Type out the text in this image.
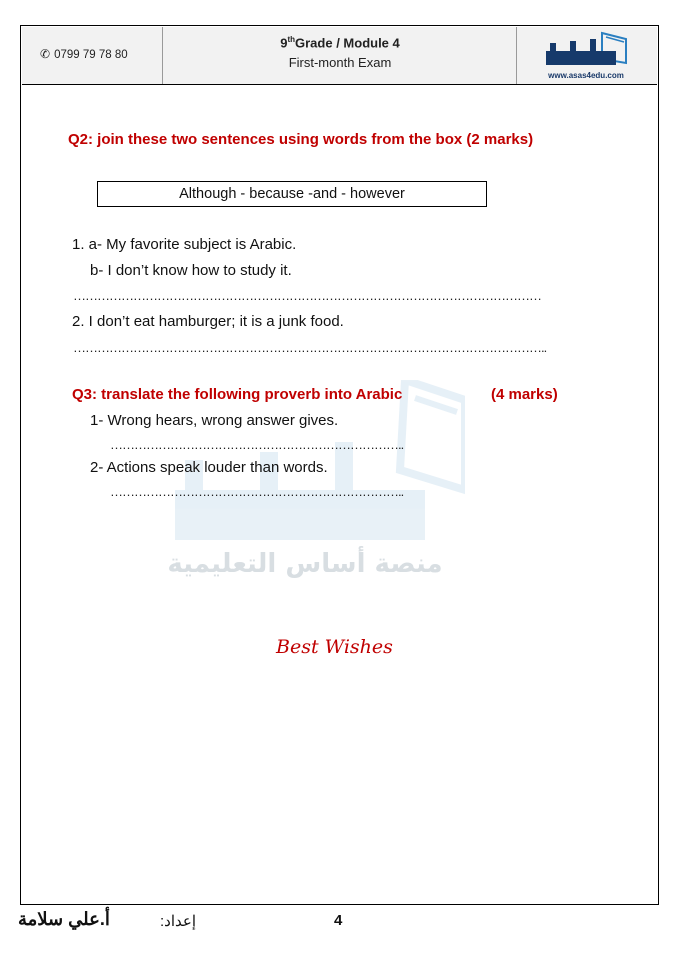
✆ 0799 79 78 80
9thGrade / Module 4
First-month Exam
www.asas4edu.com
منصة أساس التعليمية
Q2: join these two sentences using words from the box (2 marks)
Although - because -and - however
1. a- My favorite subject is Arabic.
b- I don’t know how to study it.
………………………………………………………………………………………………………
2. I don’t eat hamburger; it is a junk food.
………………………………………………………………………………………………………..
Q3: translate the following proverb into Arabic	(4 marks)
1- Wrong hears, wrong answer gives.
………………………………………………………………..
2- Actions speak louder than words.
………………………………………………………………..
Best Wishes
4
إعداد:
أ.علي سلامة
